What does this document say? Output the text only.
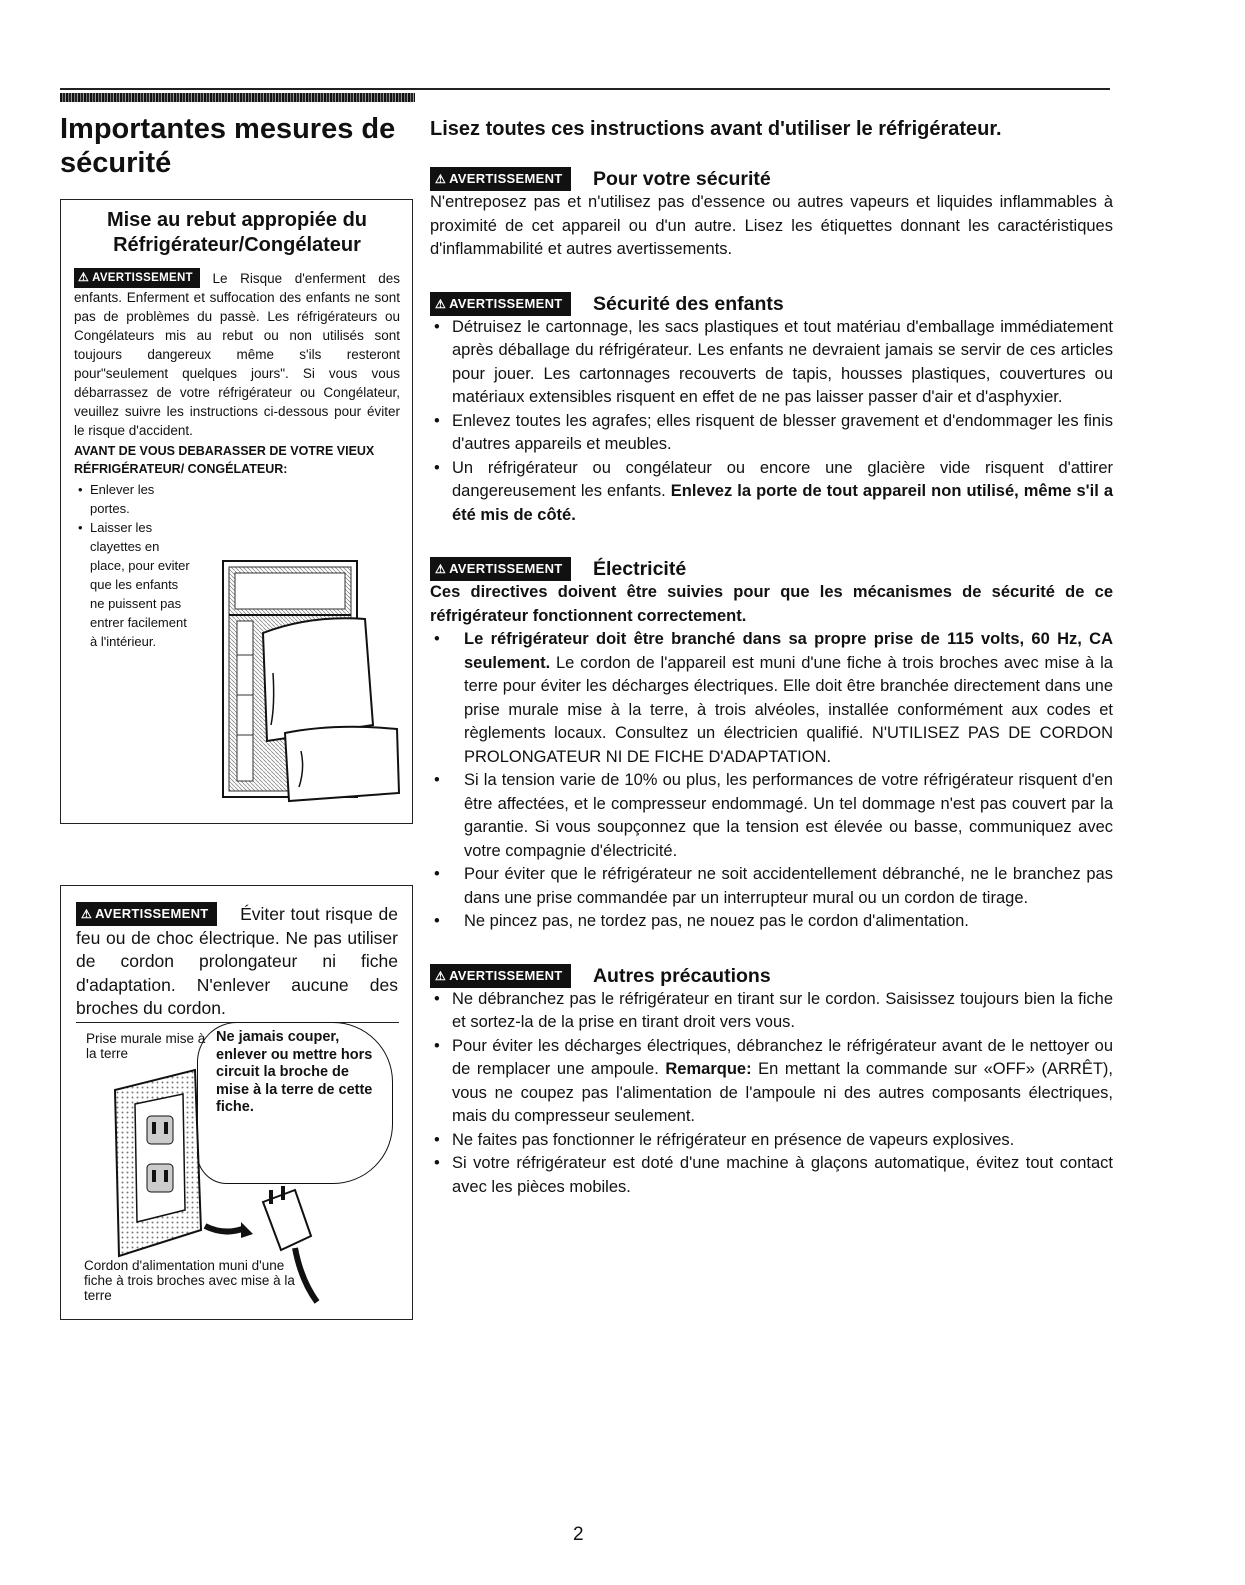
Importantes mesures de sécurité
Mise au rebut appropiée du Réfrigérateur/Congélateur
⚠ AVERTISSEMENT Le Risque d'enferment des enfants. Enferment et suffocation des enfants ne sont pas de problèmes du passè. Les réfrigérateurs ou Congélateurs mis au rebut ou non utilisés sont toujours dangereux même s'ils resteront pour"seulement quelques jours". Si vous vous débarrassez de votre réfrigérateur ou Congélateur, veuillez suivre les instructions ci-dessous pour éviter le risque d'accident.
AVANT DE VOUS DEBARASSER DE VOTRE VIEUX RÉFRIGÉRATEUR/ CONGÉLATEUR:
• Enlever les portes.
• Laisser les clayettes en place, pour eviter que les enfants ne puissent pas entrer facilement à l'intérieur.
⚠ AVERTISSEMENT Éviter tout risque de feu ou de choc électrique. Ne pas utiliser de cordon prolongateur ni fiche d'adaptation. N'enlever aucune des broches du cordon.
Prise murale mise à la terre
Ne jamais couper, enlever ou mettre hors circuit la broche de mise à la terre de cette fiche.
Cordon d'alimentation muni d'une fiche à trois broches avec mise à la terre
Lisez toutes ces instructions avant d'utiliser le réfrigérateur.
⚠ AVERTISSEMENT Pour votre sécurité
N'entreposez pas et n'utilisez pas d'essence ou autres vapeurs et liquides inflammables à proximité de cet appareil ou d'un autre. Lisez les étiquettes donnant les caractéristiques d'inflammabilité et autres avertissements.
⚠ AVERTISSEMENT Sécurité des enfants
• Détruisez le cartonnage, les sacs plastiques et tout matériau d'emballage immédiatement après déballage du réfrigérateur. Les enfants ne devraient jamais se servir de ces articles pour jouer. Les cartonnages recouverts de tapis, housses plastiques, couvertures ou matériaux extensibles risquent en effet de ne pas laisser passer d'air et d'asphyxier.
• Enlevez toutes les agrafes; elles risquent de blesser gravement et d'endommager les finis d'autres appareils et meubles.
• Un réfrigérateur ou congélateur ou encore une glacière vide risquent d'attirer dangereusement les enfants. Enlevez la porte de tout appareil non utilisé, même s'il a été mis de côté.
⚠ AVERTISSEMENT Électricité
Ces directives doivent être suivies pour que les mécanismes de sécurité de ce réfrigérateur fonctionnent correctement.
• Le réfrigérateur doit être branché dans sa propre prise de 115 volts, 60 Hz, CA seulement. Le cordon de l'appareil est muni d'une fiche à trois broches avec mise à la terre pour éviter les décharges électriques. Elle doit être branchée directement dans une prise murale mise à la terre, à trois alvéoles, installée conformément aux codes et règlements locaux. Consultez un électricien qualifié. N'UTILISEZ PAS DE CORDON PROLONGATEUR NI DE FICHE D'ADAPTATION.
• Si la tension varie de 10% ou plus, les performances de votre réfrigérateur risquent d'en être affectées, et le compresseur endommagé. Un tel dommage n'est pas couvert par la garantie. Si vous soupçonnez que la tension est élevée ou basse, communiquez avec votre compagnie d'électricité.
• Pour éviter que le réfrigérateur ne soit accidentellement débranché, ne le branchez pas dans une prise commandée par un interrupteur mural ou un cordon de tirage.
• Ne pincez pas, ne tordez pas, ne nouez pas le cordon d'alimentation.
⚠ AVERTISSEMENT Autres précautions
• Ne débranchez pas le réfrigérateur en tirant sur le cordon. Saisissez toujours bien la fiche et sortez-la de la prise en tirant droit vers vous.
• Pour éviter les décharges électriques, débranchez le réfrigérateur avant de le nettoyer ou de remplacer une ampoule. Remarque: En mettant la commande sur «OFF» (ARRÊT), vous ne coupez pas l'alimentation de l'ampoule ni des autres composants électriques, mais du compresseur seulement.
• Ne faites pas fonctionner le réfrigérateur en présence de vapeurs explosives.
• Si votre réfrigérateur est doté d'une machine à glaçons automatique, évitez tout contact avec les pièces mobiles.
2
